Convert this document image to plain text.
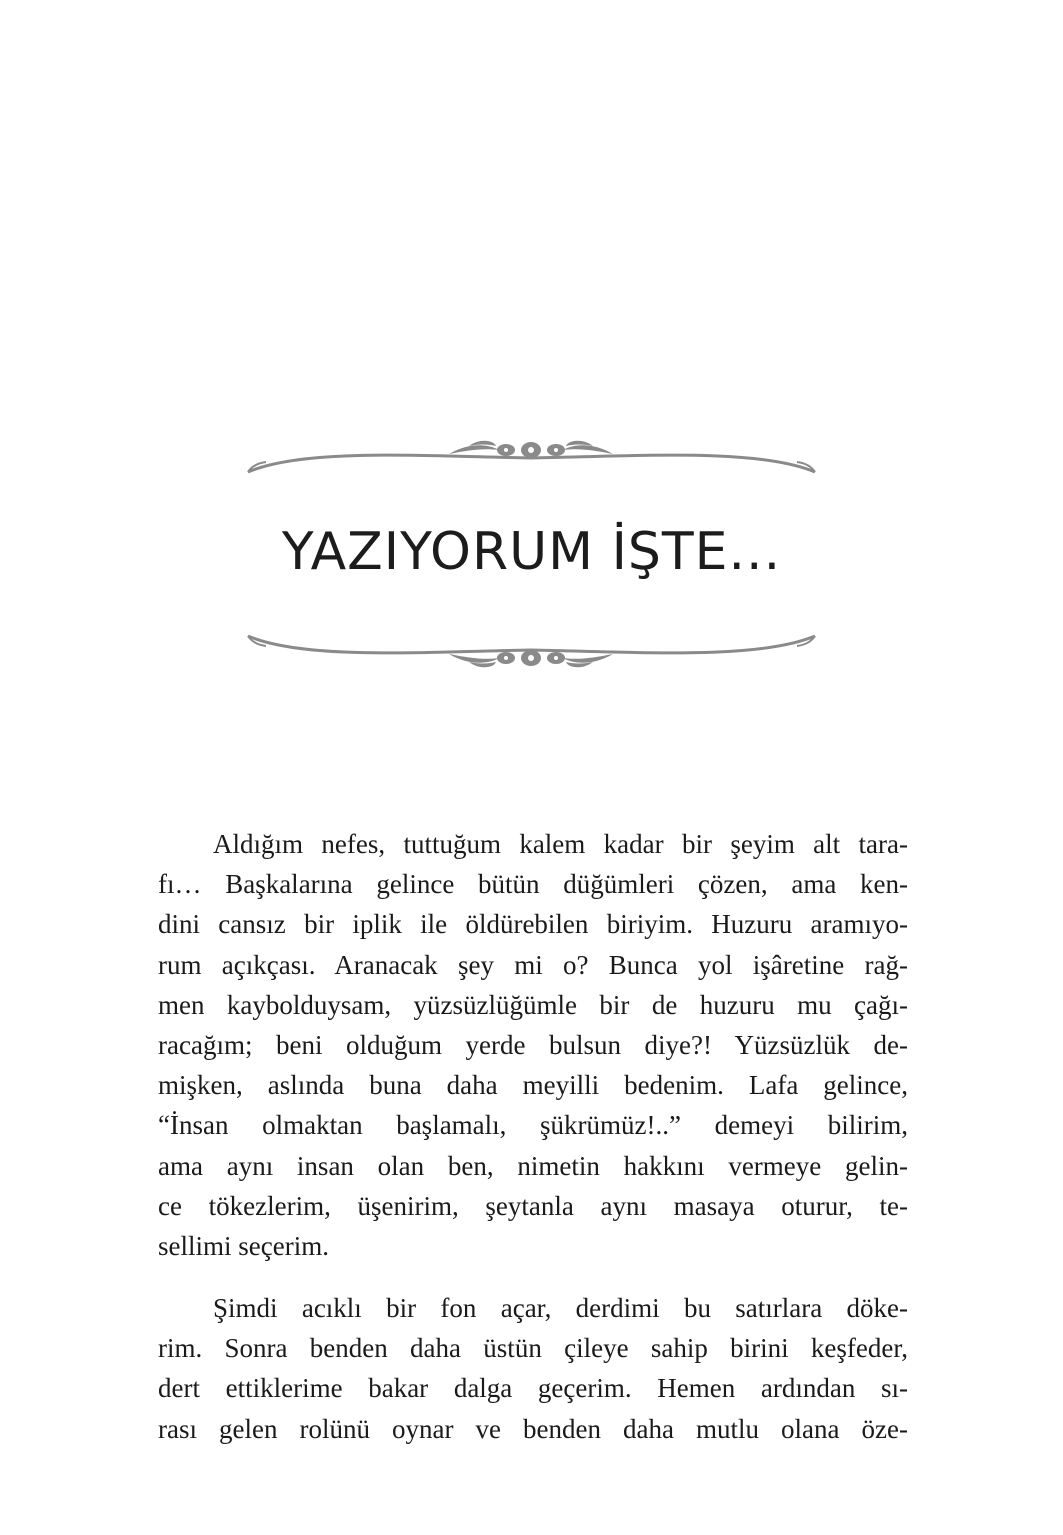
YAZIYORUM İŞTE...

Aldığım nefes, tuttuğum kalem kadar bir şeyim alt tara-
fı… Başkalarına gelince bütün düğümleri çözen, ama ken-
dini cansız bir iplik ile öldürebilen biriyim. Huzuru aramıyo-
rum açıkçası. Aranacak şey mi o? Bunca yol işâretine rağ-
men kaybolduysam, yüzsüzlüğümle bir de huzuru mu çağı-
racağım; beni olduğum yerde bulsun diye?! Yüzsüzlük de-
mişken, aslında buna daha meyilli bedenim. Lafa gelince,
“İnsan olmaktan başlamalı, şükrümüz!..” demeyi bilirim,
ama aynı insan olan ben, nimetin hakkını vermeye gelin-
ce tökezlerim, üşenirim, şeytanla aynı masaya oturur, te-
sellimi seçerim.

Şimdi acıklı bir fon açar, derdimi bu satırlara döke-
rim. Sonra benden daha üstün çileye sahip birini keşfeder,
dert ettiklerime bakar dalga geçerim. Hemen ardından sı-
rası gelen rolünü oynar ve benden daha mutlu olana öze-
